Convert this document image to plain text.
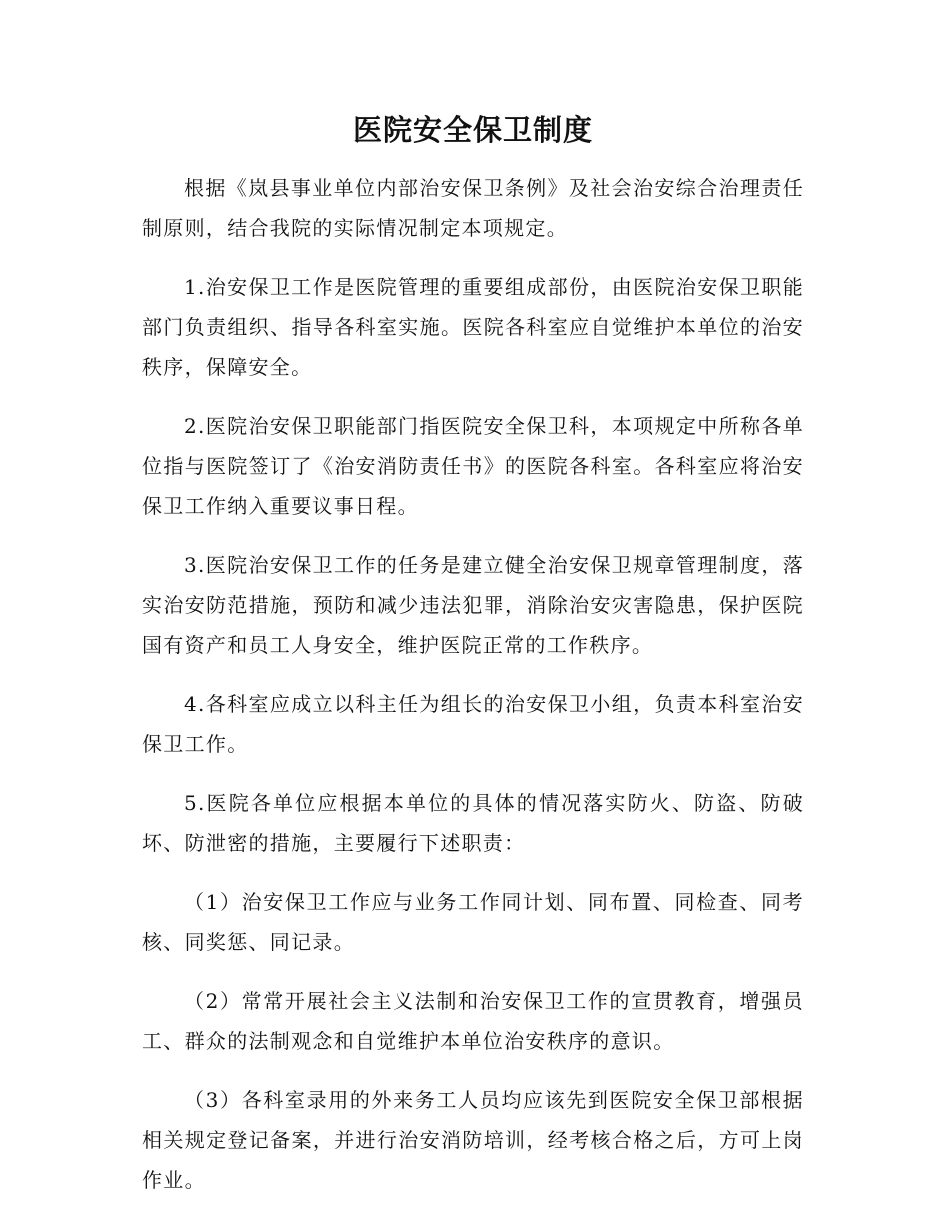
医院安全保卫制度

根据《岚县事业单位内部治安保卫条例》及社会治安综合治理责任制原则，结合我院的实际情况制定本项规定。

1.治安保卫工作是医院管理的重要组成部份，由医院治安保卫职能部门负责组织、指导各科室实施。医院各科室应自觉维护本单位的治安秩序，保障安全。

2.医院治安保卫职能部门指医院安全保卫科，本项规定中所称各单位指与医院签订了《治安消防责任书》的医院各科室。各科室应将治安保卫工作纳入重要议事日程。

3.医院治安保卫工作的任务是建立健全治安保卫规章管理制度，落实治安防范措施，预防和减少违法犯罪，消除治安灾害隐患，保护医院国有资产和员工人身安全，维护医院正常的工作秩序。

4.各科室应成立以科主任为组长的治安保卫小组，负责本科室治安保卫工作。

5.医院各单位应根据本单位的具体的情况落实防火、防盗、防破坏、防泄密的措施，主要履行下述职责：

（1）治安保卫工作应与业务工作同计划、同布置、同检查、同考核、同奖惩、同记录。

（2）常常开展社会主义法制和治安保卫工作的宣贯教育，增强员工、群众的法制观念和自觉维护本单位治安秩序的意识。

（3）各科室录用的外来务工人员均应该先到医院安全保卫部根据相关规定登记备案，并进行治安消防培训，经考核合格之后，方可上岗作业。
